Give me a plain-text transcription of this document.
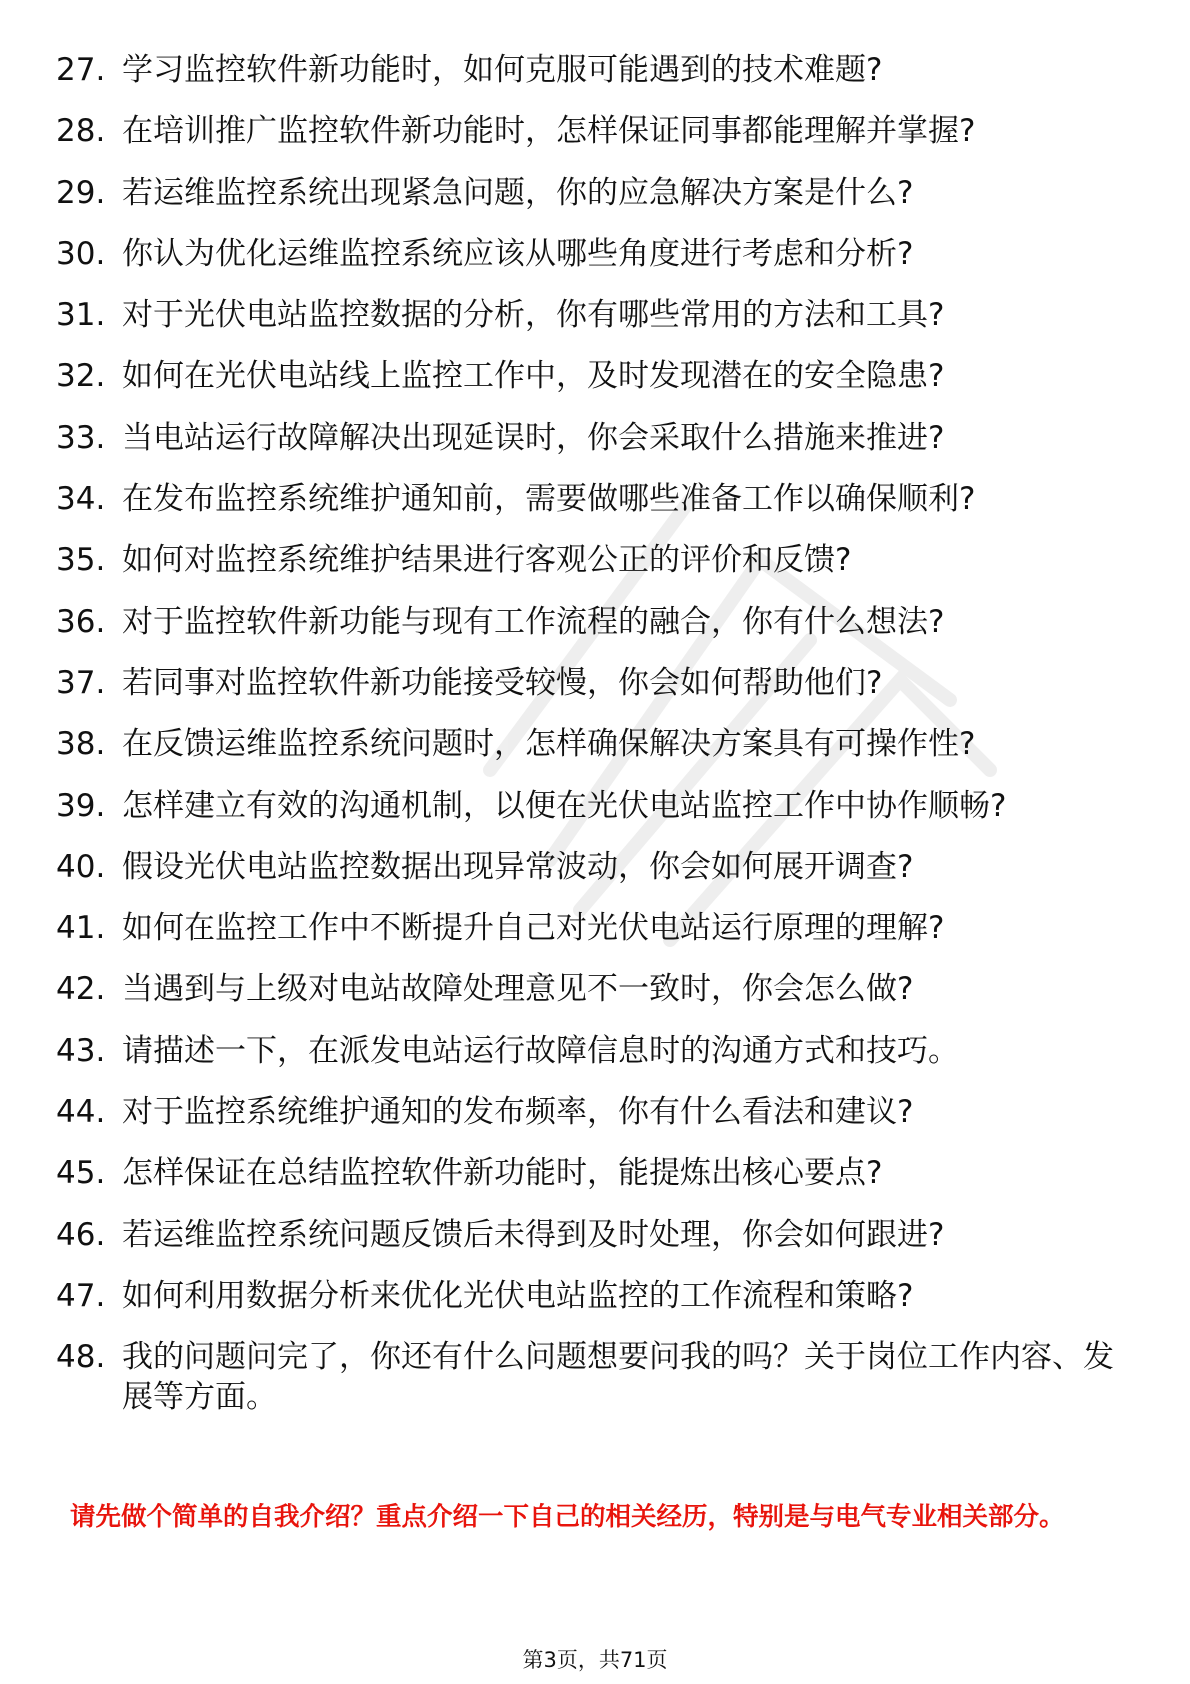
27. 学习监控软件新功能时，如何克服可能遇到的技术难题?
28. 在培训推广监控软件新功能时，怎样保证同事都能理解并掌握?
29. 若运维监控系统出现紧急问题，你的应急解决方案是什么?
30. 你认为优化运维监控系统应该从哪些角度进行考虑和分析?
31. 对于光伏电站监控数据的分析，你有哪些常用的方法和工具?
32. 如何在光伏电站线上监控工作中，及时发现潜在的安全隐患?
33. 当电站运行故障解决出现延误时，你会采取什么措施来推进?
34. 在发布监控系统维护通知前，需要做哪些准备工作以确保顺利?
35. 如何对监控系统维护结果进行客观公正的评价和反馈?
36. 对于监控软件新功能与现有工作流程的融合，你有什么想法?
37. 若同事对监控软件新功能接受较慢，你会如何帮助他们?
38. 在反馈运维监控系统问题时，怎样确保解决方案具有可操作性?
39. 怎样建立有效的沟通机制，以便在光伏电站监控工作中协作顺畅?
40. 假设光伏电站监控数据出现异常波动，你会如何展开调查?
41. 如何在监控工作中不断提升自己对光伏电站运行原理的理解?
42. 当遇到与上级对电站故障处理意见不一致时，你会怎么做?
43. 请描述一下，在派发电站运行故障信息时的沟通方式和技巧。
44. 对于监控系统维护通知的发布频率，你有什么看法和建议?
45. 怎样保证在总结监控软件新功能时，能提炼出核心要点?
46. 若运维监控系统问题反馈后未得到及时处理，你会如何跟进?
47. 如何利用数据分析来优化光伏电站监控的工作流程和策略?
48. 我的问题问完了，你还有什么问题想要问我的吗？关于岗位工作内容、发展等方面。

请先做个简单的自我介绍？重点介绍一下自己的相关经历，特别是与电气专业相关部分。

第3页，共71页
